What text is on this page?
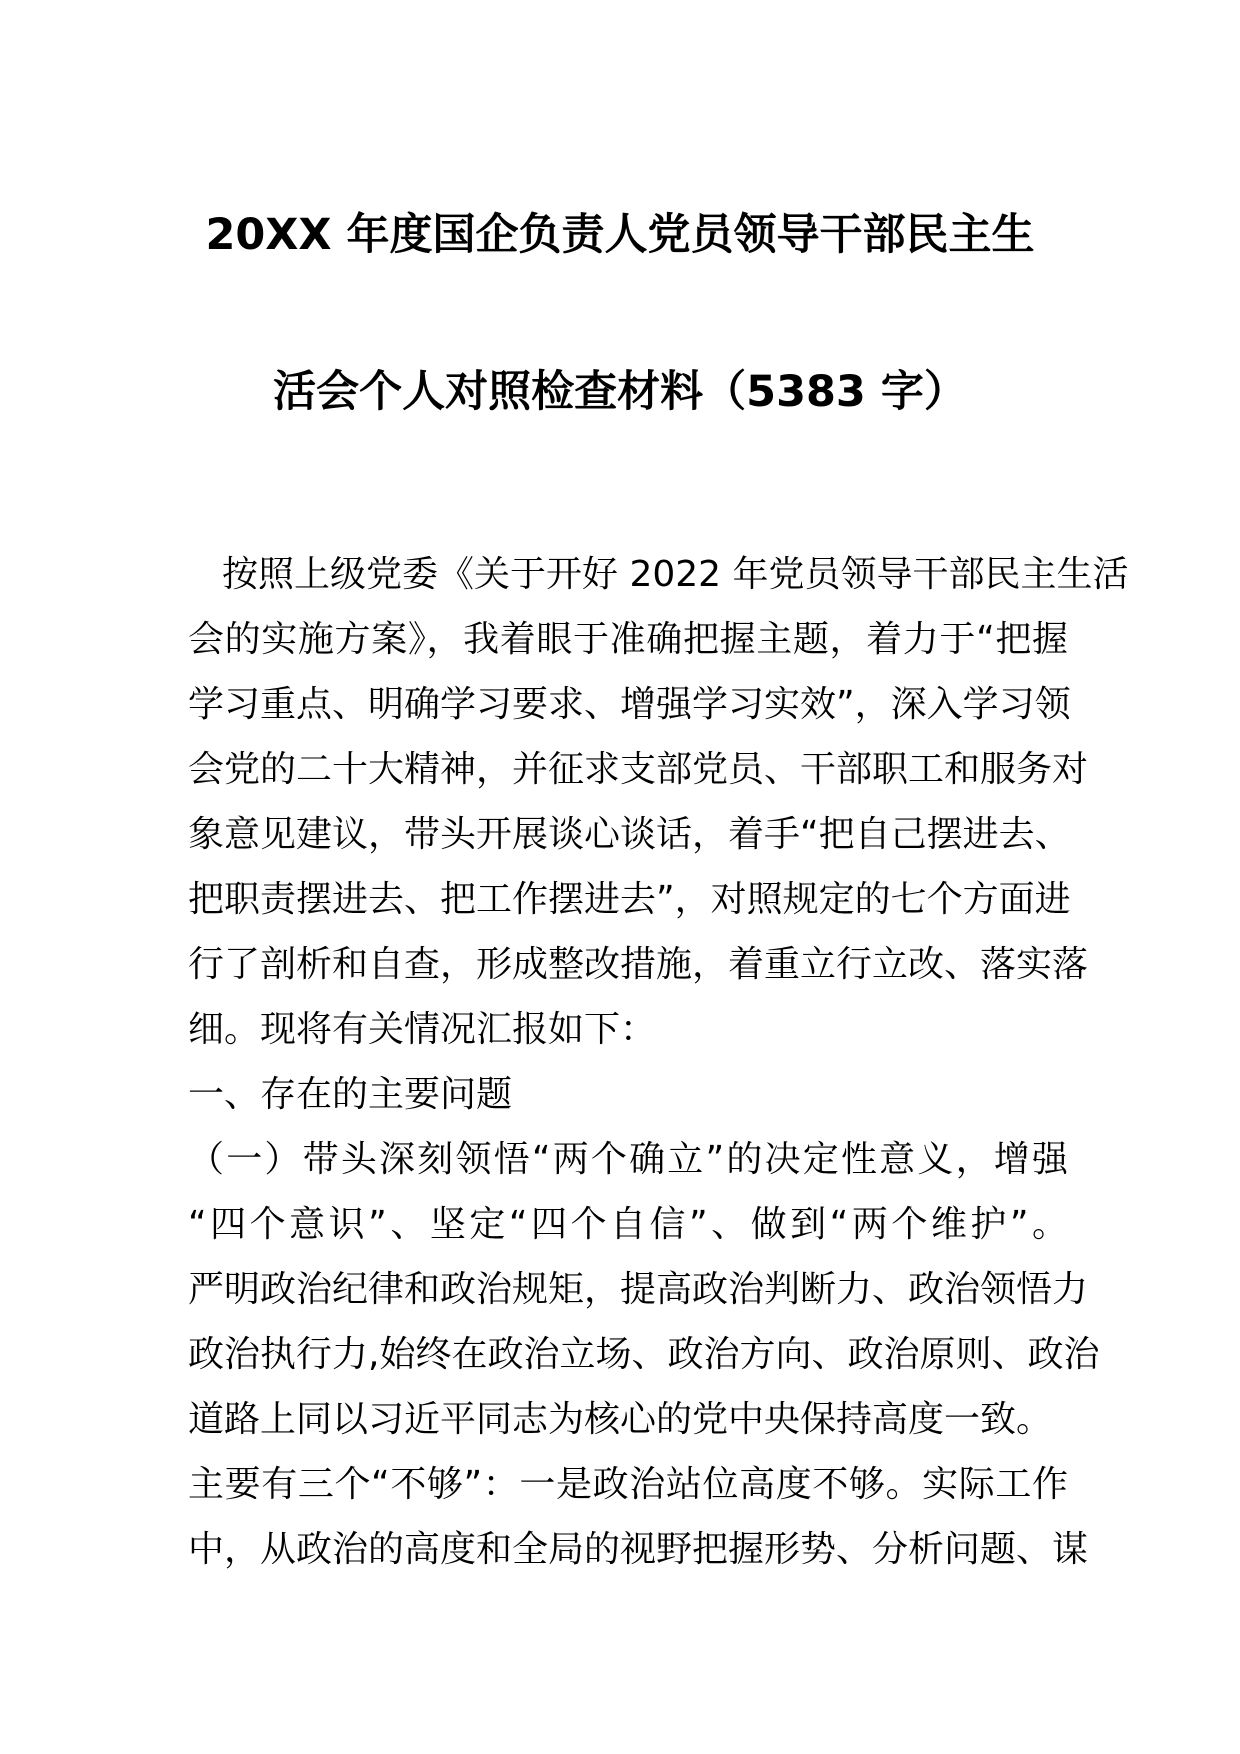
20XX 年度国企负责人党员领导干部民主生
活会个人对照检查材料（5383 字）
按照上级党委《关于开好 2022 年党员领导干部民主生活
会的实施方案》，我着眼于准确把握主题，着力于“把握
学习重点、明确学习要求、增强学习实效”，深入学习领
会党的二十大精神，并征求支部党员、干部职工和服务对
象意见建议，带头开展谈心谈话，着手“把自己摆进去、
把职责摆进去、把工作摆进去”，对照规定的七个方面进
行了剖析和自查，形成整改措施，着重立行立改、落实落
细。现将有关情况汇报如下：
一、存在的主要问题
（一）带头深刻领悟“两个确立”的决定性意义，增强
“四个意识”、坚定“四个自信”、做到“两个维护”。
严明政治纪律和政治规矩，提高政治判断力、政治领悟力
政治执行力,始终在政治立场、政治方向、政治原则、政治
道路上同以习近平同志为核心的党中央保持高度一致。
主要有三个“不够”：一是政治站位高度不够。实际工作
中，从政治的高度和全局的视野把握形势、分析问题、谋
